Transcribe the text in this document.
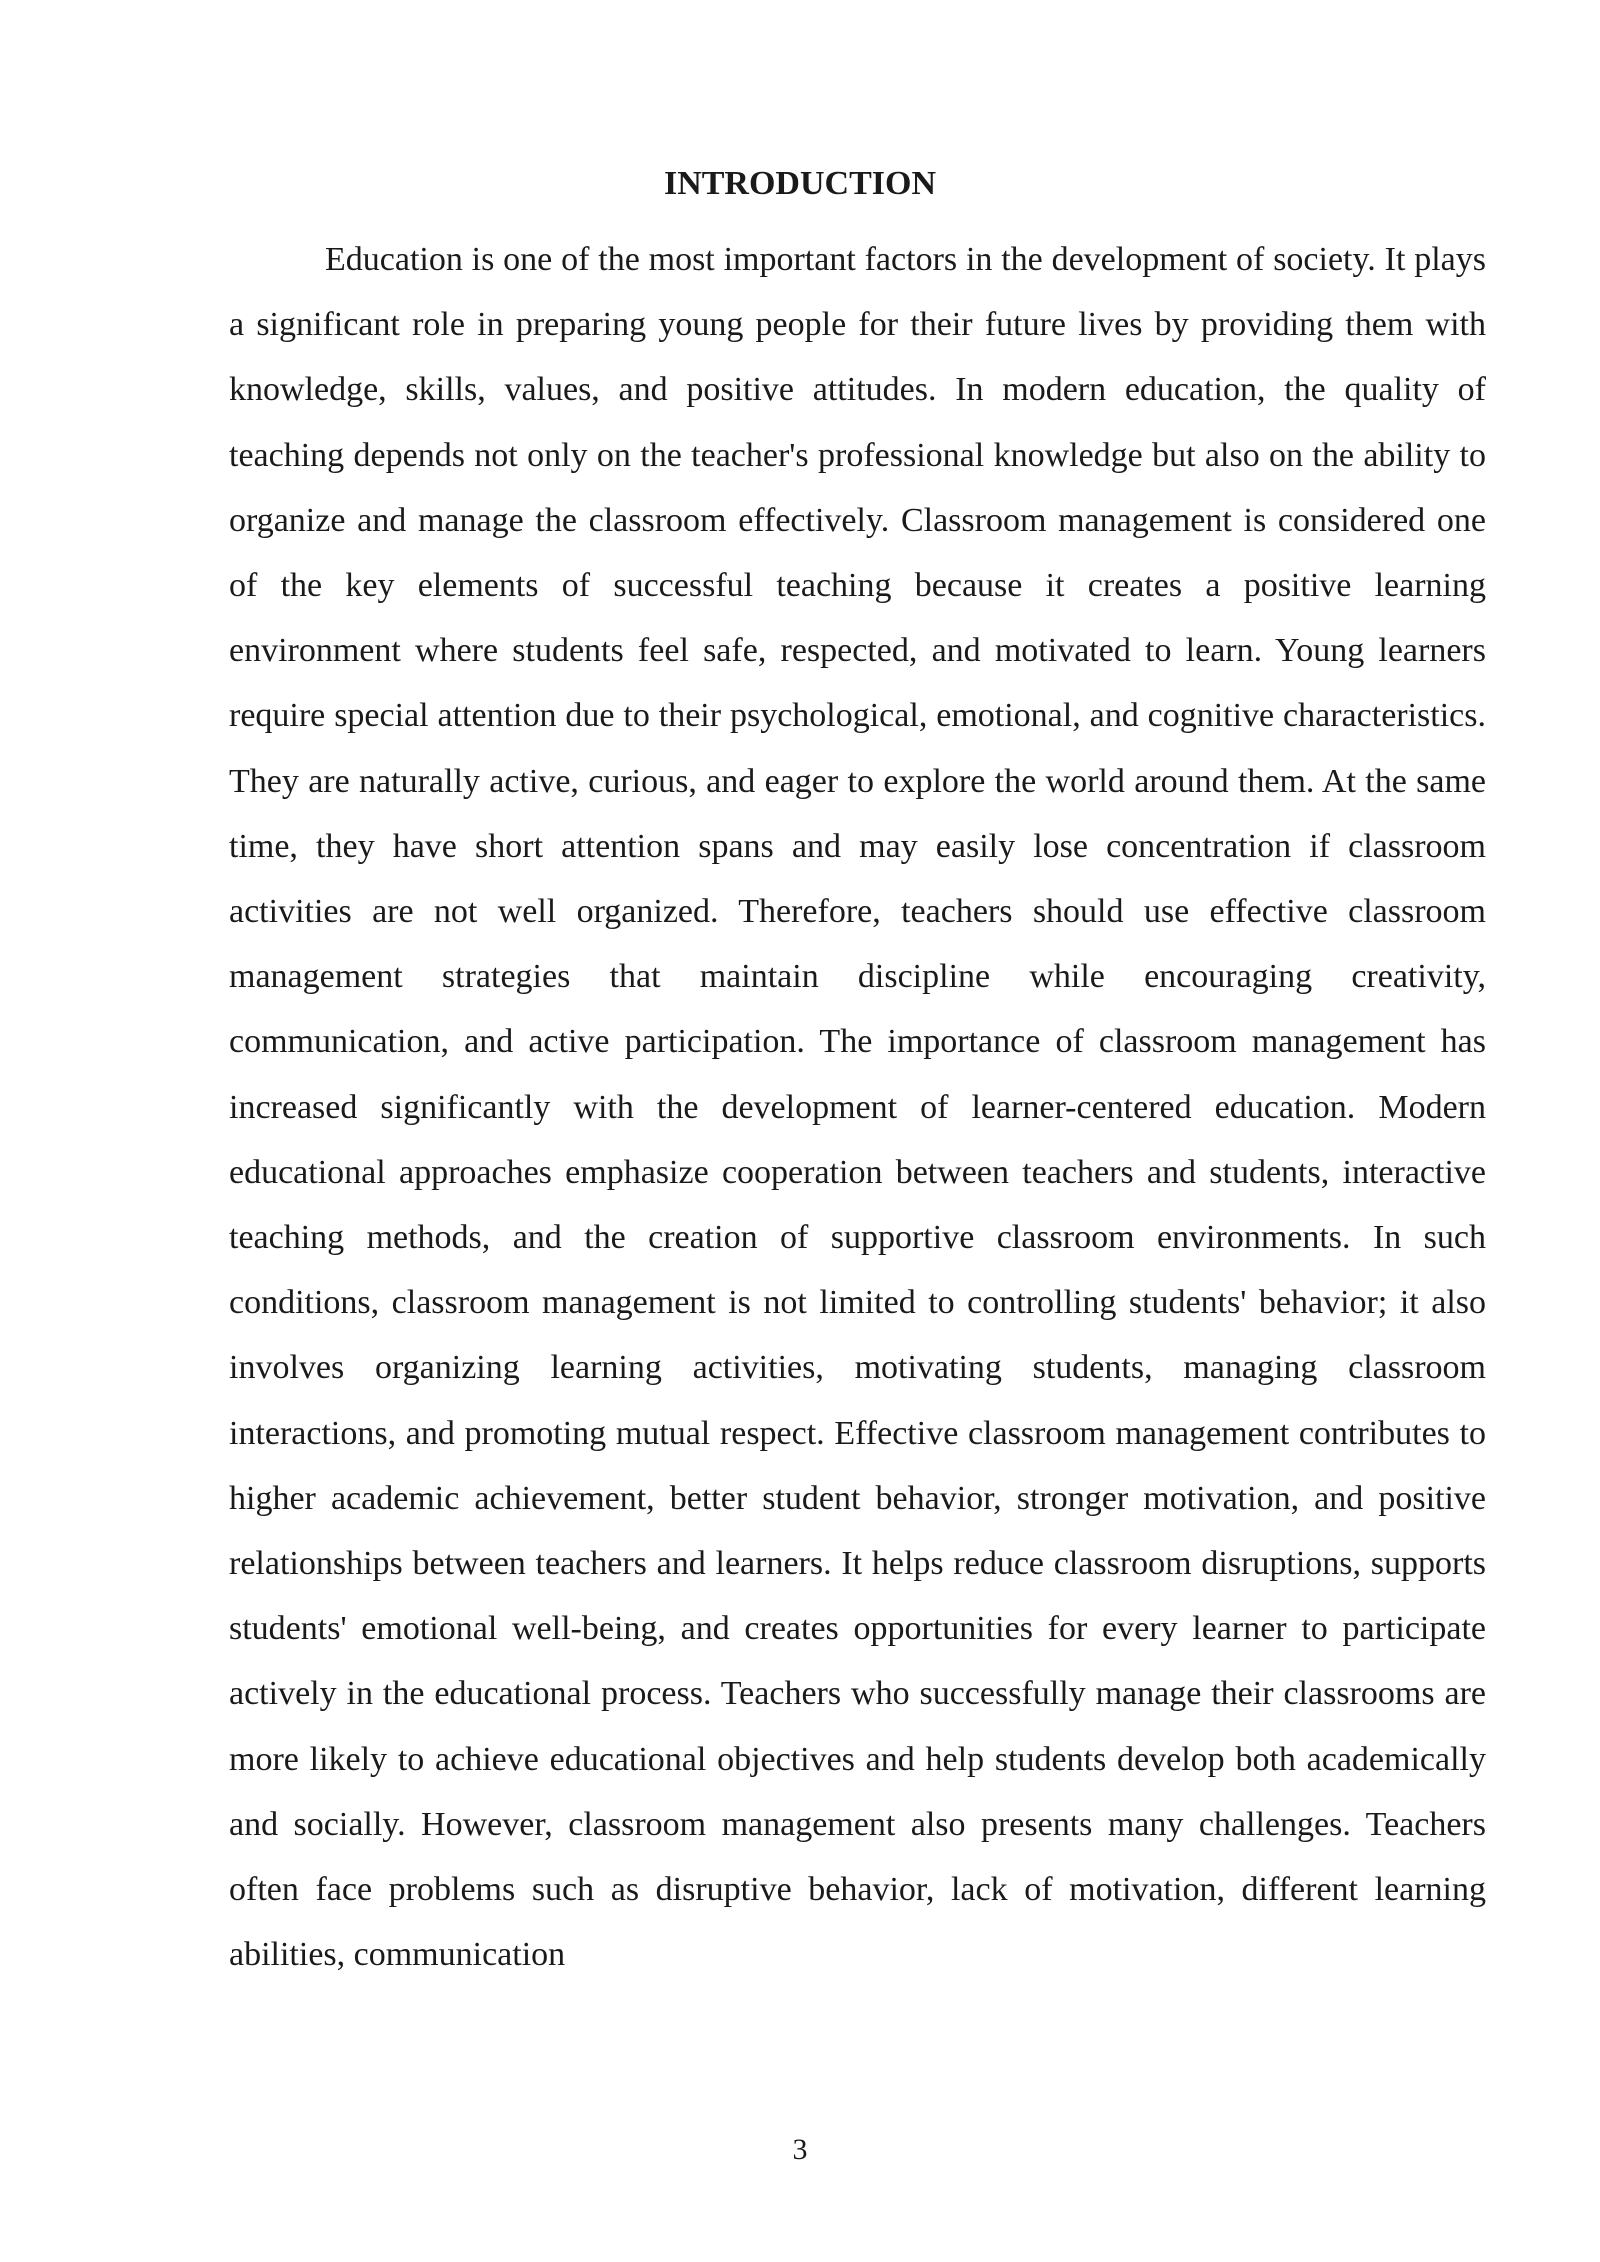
INTRODUCTION

Education is one of the most important factors in the development of society. It plays a significant role in preparing young people for their future lives by providing them with knowledge, skills, values, and positive attitudes. In modern education, the quality of teaching depends not only on the teacher's professional knowledge but also on the ability to organize and manage the classroom effectively. Classroom management is considered one of the key elements of successful teaching because it creates a positive learning environment where students feel safe, respected, and motivated to learn. Young learners require special attention due to their psychological, emotional, and cognitive characteristics. They are naturally active, curious, and eager to explore the world around them. At the same time, they have short attention spans and may easily lose concentration if classroom activities are not well organized. Therefore, teachers should use effective classroom management strategies that maintain discipline while encouraging creativity, communication, and active participation. The importance of classroom management has increased significantly with the development of learner-centered education. Modern educational approaches emphasize cooperation between teachers and students, interactive teaching methods, and the creation of supportive classroom environments. In such conditions, classroom management is not limited to controlling students' behavior; it also involves organizing learning activities, motivating students, managing classroom interactions, and promoting mutual respect. Effective classroom management contributes to higher academic achievement, better student behavior, stronger motivation, and positive relationships between teachers and learners. It helps reduce classroom disruptions, supports students' emotional well-being, and creates opportunities for every learner to participate actively in the educational process. Teachers who successfully manage their classrooms are more likely to achieve educational objectives and help students develop both academically and socially. However, classroom management also presents many challenges. Teachers often face problems such as disruptive behavior, lack of motivation, different learning abilities, communication

3
